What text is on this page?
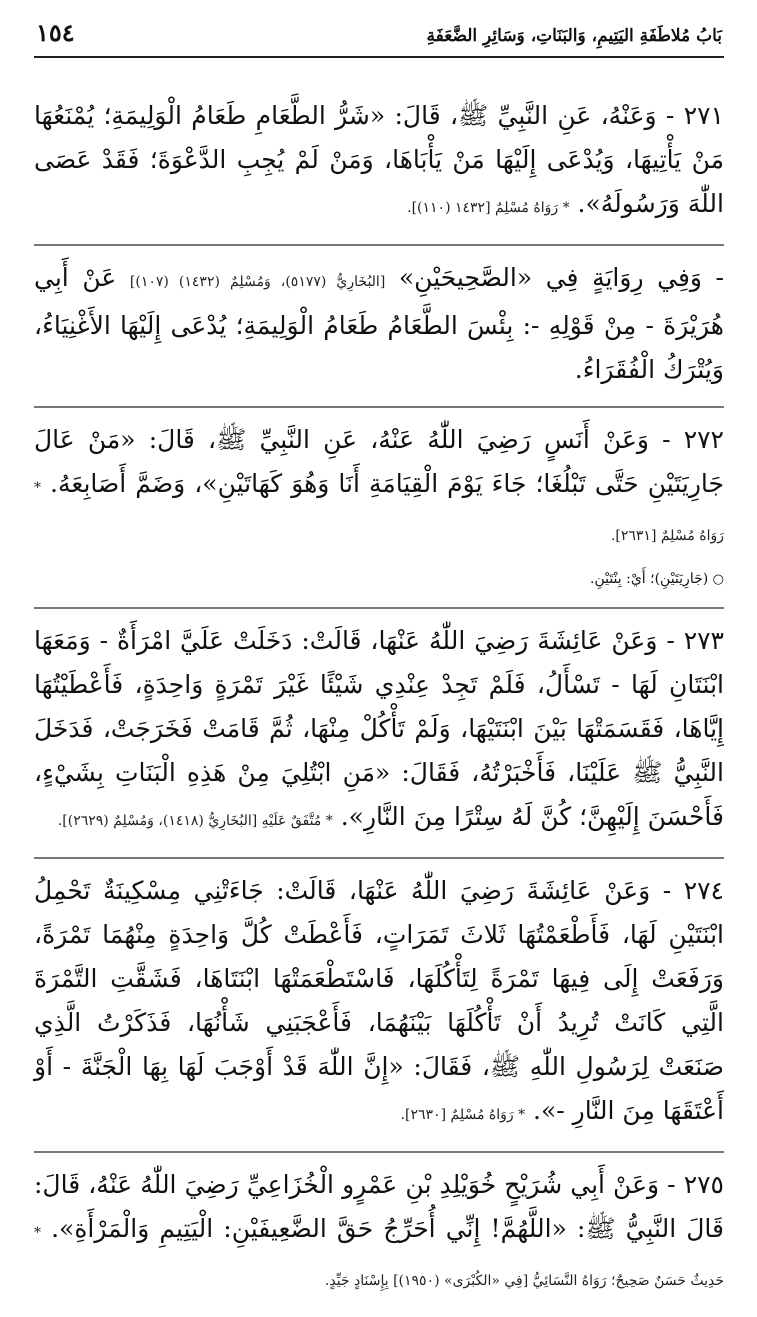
بَابُ مُلاطَفَةِ اليَتِيمِ، وَالبَنَاتِ، وَسَائِرِ الضَّعَفَةِ
١٥٤

٢٧١ - وَعَنْهُ، عَنِ النَّبِيِّ ﷺ، قَالَ: «شَرُّ الطَّعَامِ طَعَامُ الْوَلِيمَةِ؛ يُمْنَعُهَا مَنْ يَأْتِيهَا، وَيُدْعَى إِلَيْهَا مَنْ يَأْبَاهَا، وَمَنْ لَمْ يُجِبِ الدَّعْوَةَ؛ فَقَدْ عَصَى اللّٰهَ وَرَسُولَهُ». * رَوَاهُ مُسْلِمٌ [١٤٣٢ (١١٠)].

- وَفِي رِوَايَةٍ فِي «الصَّحِيحَيْنِ» [البُخَارِيُّ (٥١٧٧)، وَمُسْلِمٌ (١٤٣٢) (١٠٧)] عَنْ أَبِي هُرَيْرَةَ - مِنْ قَوْلِهِ -: بِئْسَ الطَّعَامُ طَعَامُ الْوَلِيمَةِ؛ يُدْعَى إِلَيْهَا الأَغْنِيَاءُ، وَيُتْرَكُ الْفُقَرَاءُ.

٢٧٢ - وَعَنْ أَنَسٍ رَضِيَ اللّٰهُ عَنْهُ، عَنِ النَّبِيِّ ﷺ، قَالَ: «مَنْ عَالَ جَارِيَتَيْنِ حَتَّى تَبْلُغَا؛ جَاءَ يَوْمَ الْقِيَامَةِ أَنَا وَهُوَ كَهَاتَيْنِ»، وَضَمَّ أَصَابِعَهُ. * رَوَاهُ مُسْلِمٌ [٢٦٣١].

○ (جَارِيَتَيْنِ)؛ أَيْ: بِنْتَيْنِ.

٢٧٣ - وَعَنْ عَائِشَةَ رَضِيَ اللّٰهُ عَنْهَا، قَالَتْ: دَخَلَتْ عَلَيَّ امْرَأَةٌ - وَمَعَهَا ابْنَتَانِ لَهَا - تَسْأَلُ، فَلَمْ تَجِدْ عِنْدِي شَيْئًا غَيْرَ تَمْرَةٍ وَاحِدَةٍ، فَأَعْطَيْتُهَا إِيَّاهَا، فَقَسَمَتْهَا بَيْنَ ابْنَتَيْهَا، وَلَمْ تَأْكُلْ مِنْهَا، ثُمَّ قَامَتْ فَخَرَجَتْ، فَدَخَلَ النَّبِيُّ ﷺ عَلَيْنَا، فَأَخْبَرْتُهُ، فَقَالَ: «مَنِ ابْتُلِيَ مِنْ هَذِهِ الْبَنَاتِ بِشَيْءٍ، فَأَحْسَنَ إِلَيْهِنَّ؛ كُنَّ لَهُ سِتْرًا مِنَ النَّارِ». * مُتَّفَقٌ عَلَيْهِ [البُخَارِيُّ (١٤١٨)، وَمُسْلِمٌ (٢٦٢٩)].

٢٧٤ - وَعَنْ عَائِشَةَ رَضِيَ اللّٰهُ عَنْهَا، قَالَتْ: جَاءَتْنِي مِسْكِينَةٌ تَحْمِلُ ابْنَتَيْنِ لَهَا، فَأَطْعَمْتُهَا ثَلاثَ تَمَرَاتٍ، فَأَعْطَتْ كُلَّ وَاحِدَةٍ مِنْهُمَا تَمْرَةً، وَرَفَعَتْ إِلَى فِيهَا تَمْرَةً لِتَأْكُلَهَا، فَاسْتَطْعَمَتْهَا ابْنَتَاهَا، فَشَقَّتِ التَّمْرَةَ الَّتِي كَانَتْ تُرِيدُ أَنْ تَأْكُلَهَا بَيْنَهُمَا، فَأَعْجَبَنِي شَأْنُهَا، فَذَكَرْتُ الَّذِي صَنَعَتْ لِرَسُولِ اللّٰهِ ﷺ، فَقَالَ: «إِنَّ اللّٰهَ قَدْ أَوْجَبَ لَهَا بِهَا الْجَنَّةَ - أَوْ أَعْتَقَهَا مِنَ النَّارِ -». * رَوَاهُ مُسْلِمٌ [٢٦٣٠].

٢٧٥ - وَعَنْ أَبِي شُرَيْحٍ خُوَيْلِدِ بْنِ عَمْرٍو الْخُزَاعِيِّ رَضِيَ اللّٰهُ عَنْهُ، قَالَ: قَالَ النَّبِيُّ ﷺ: «اللَّهُمَّ! إِنِّي أُحَرِّجُ حَقَّ الضَّعِيفَيْنِ: الْيَتِيمِ وَالْمَرْأَةِ». * حَدِيثٌ حَسَنٌ صَحِيحٌ؛ رَوَاهُ النَّسَائِيُّ [فِي «الكُبْرَى» (١٩٥٠)] بِإِسْنَادٍ جَيِّدٍ.
